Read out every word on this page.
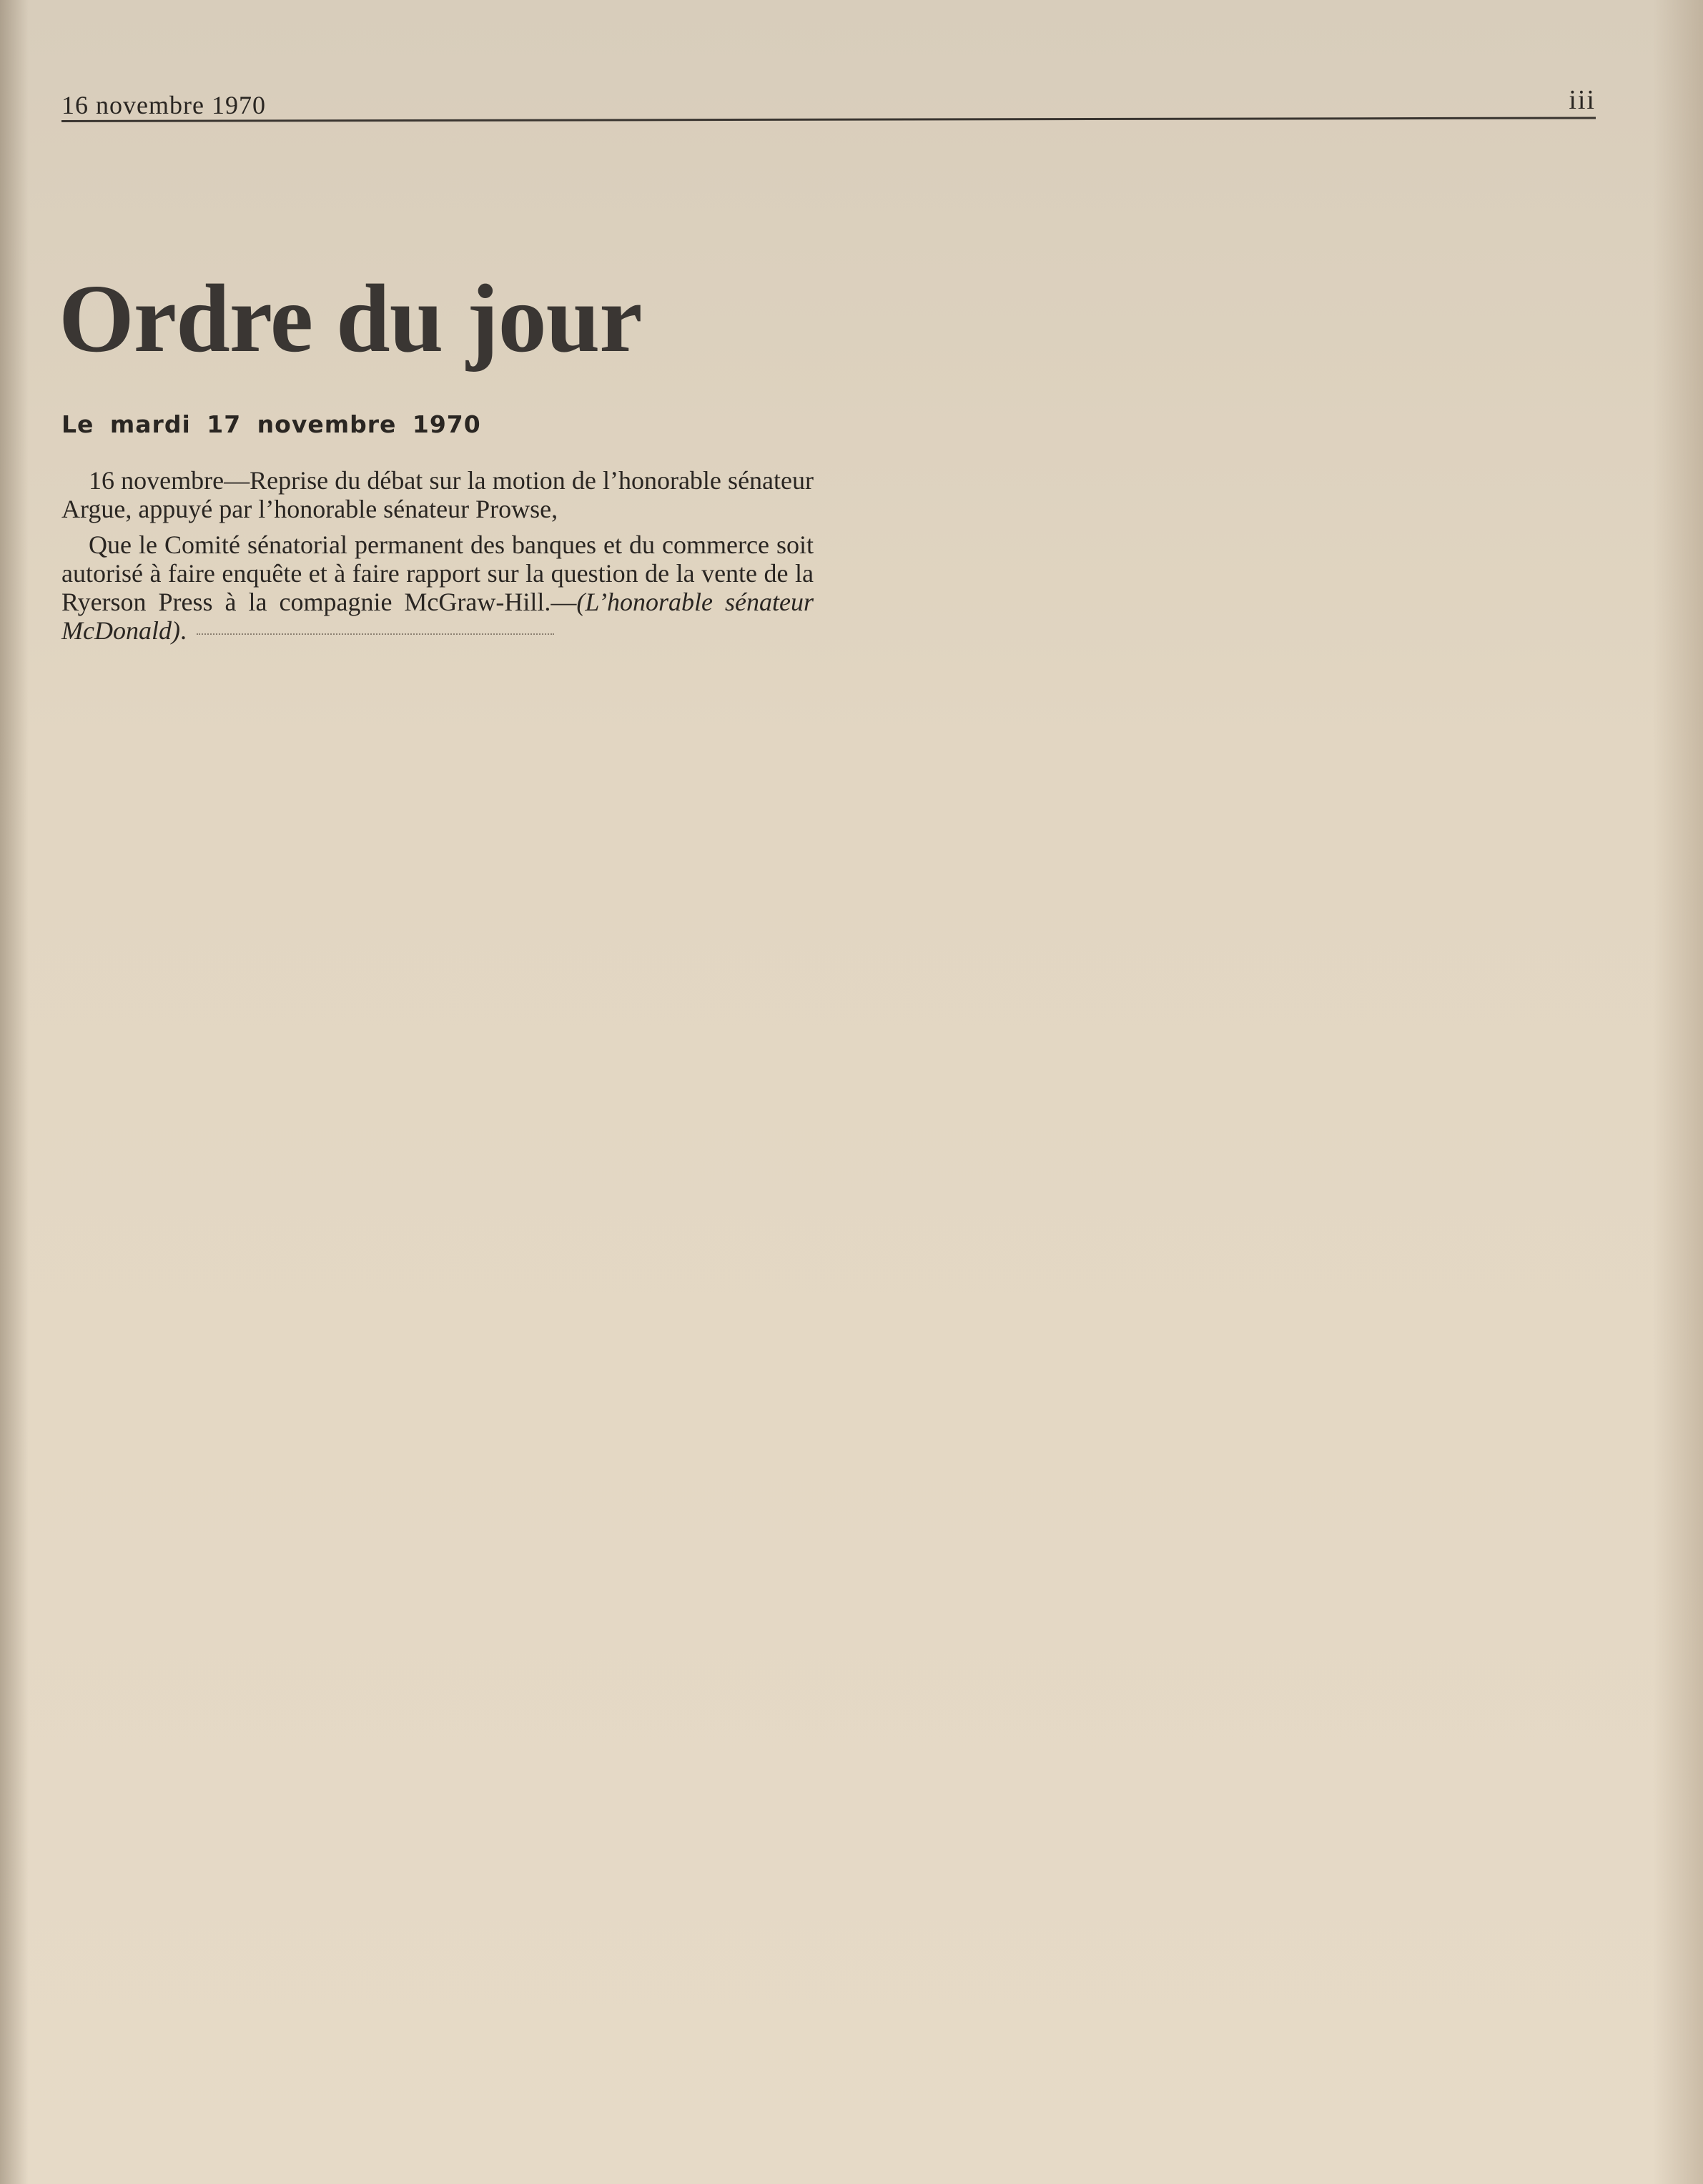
16 novembre 1970	iii
Ordre du jour
Le mardi 17 novembre 1970

16 novembre—Reprise du débat sur la motion de l’honorable sénateur Argue, appuyé par l’honorable sénateur Prowse,

Que le Comité sénatorial permanent des banques et du commerce soit autorisé à faire enquête et à faire rapport sur la question de la vente de la Ryerson Press à la compagnie McGraw-Hill.—(L’honorable sénateur McDonald).
